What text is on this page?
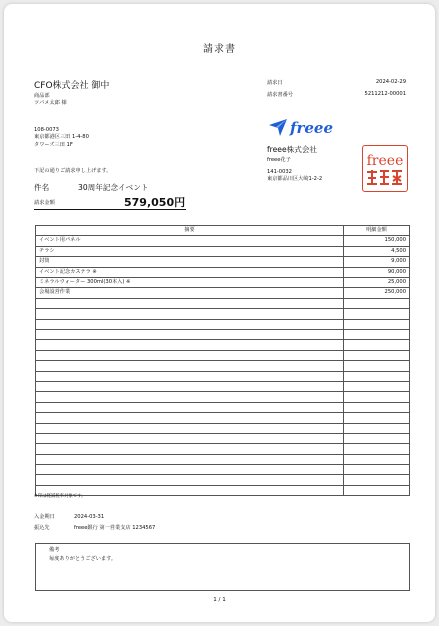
請求書
CFO株式会社 御中
商品部
ツバメ太郎 様
108-0073
東京都港区三田 1-4-80
タワーズ三田 1F
請求日	2024-02-29
請求書番号	5211212-00001
freee
freee株式会社
freee花子
141-0032
東京都品川区大崎1-2-2
freee
下記の通りご請求申し上げます。
件名	30周年記念イベント
請求金額	579,050円
摘要	明細金額
イベント用パネル	150,000
チラシ	4,500
封筒	9,000
イベント記念カステラ ※	90,000
ミネラルウォーター 300ml(30本入) ※	25,000
会場設営作業	250,000

※印は軽減税率対象です。
入金期日	2024-03-31
振込先	freee銀行 第一営業支店 1234567
備考
毎度ありがとうございます。
1 / 1
